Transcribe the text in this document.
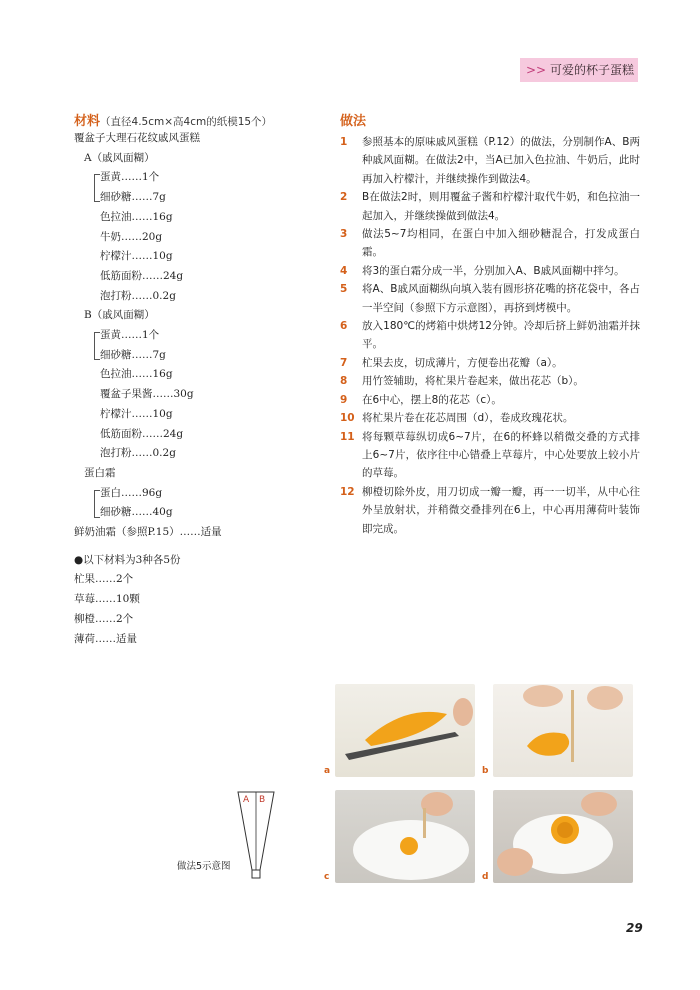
>> 可爱的杯子蛋糕
材料（直径4.5cm×高4cm的纸模15个）
覆盆子大理石花纹戚风蛋糕
A（戚风面糊）
蛋黄……1个
细砂糖……7g
色拉油……16g
牛奶……20g
柠檬汁……10g
低筋面粉……24g
泡打粉……0.2g
B（戚风面糊）
蛋黄……1个
细砂糖……7g
色拉油……16g
覆盆子果酱……30g
柠檬汁……10g
低筋面粉……24g
泡打粉……0.2g
蛋白霜
蛋白……96g
细砂糖……40g
鲜奶油霜（参照P.15）……适量
●以下材料为3种各5份
杧果……2个
草莓……10颗
柳橙……2个
薄荷……适量
做法
1 参照基本的原味戚风蛋糕（P.12）的做法，分别制作A、B两种戚风面糊。在做法2中，当A已加入色拉油、牛奶后，此时再加入柠檬汁，并继续操作到做法4。
2 B在做法2时，则用覆盆子酱和柠檬汁取代牛奶，和色拉油一起加入，并继续操做到做法4。
3 做法5~7均相同，在蛋白中加入细砂糖混合，打发成蛋白霜。
4 将3的蛋白霜分成一半，分别加入A、B戚风面糊中拌匀。
5 将A、B戚风面糊纵向填入装有圆形挤花嘴的挤花袋中，各占一半空间（参照下方示意图），再挤到烤模中。
6 放入180℃的烤箱中烘烤12分钟。冷却后挤上鲜奶油霜并抹平。
7 杧果去皮，切成薄片，方便卷出花瓣（a）。
8 用竹签辅助，将杧果片卷起来，做出花芯（b）。
9 在6中心，摆上8的花芯（c）。
10 将杧果片卷在花芯周围（d），卷成玫瑰花状。
11 将每颗草莓纵切成6~7片，在6的杯蜂以稍微交叠的方式排上6~7片，依序往中心错叠上草莓片，中心处要放上较小片的草莓。
12 柳橙切除外皮，用刀切成一瓣一瓣，再一一切半，从中心往外呈放射状，并稍微交叠排列在6上，中心再用薄荷叶装饰即完成。
A B
做法5示意图
a	b
c	d
29
